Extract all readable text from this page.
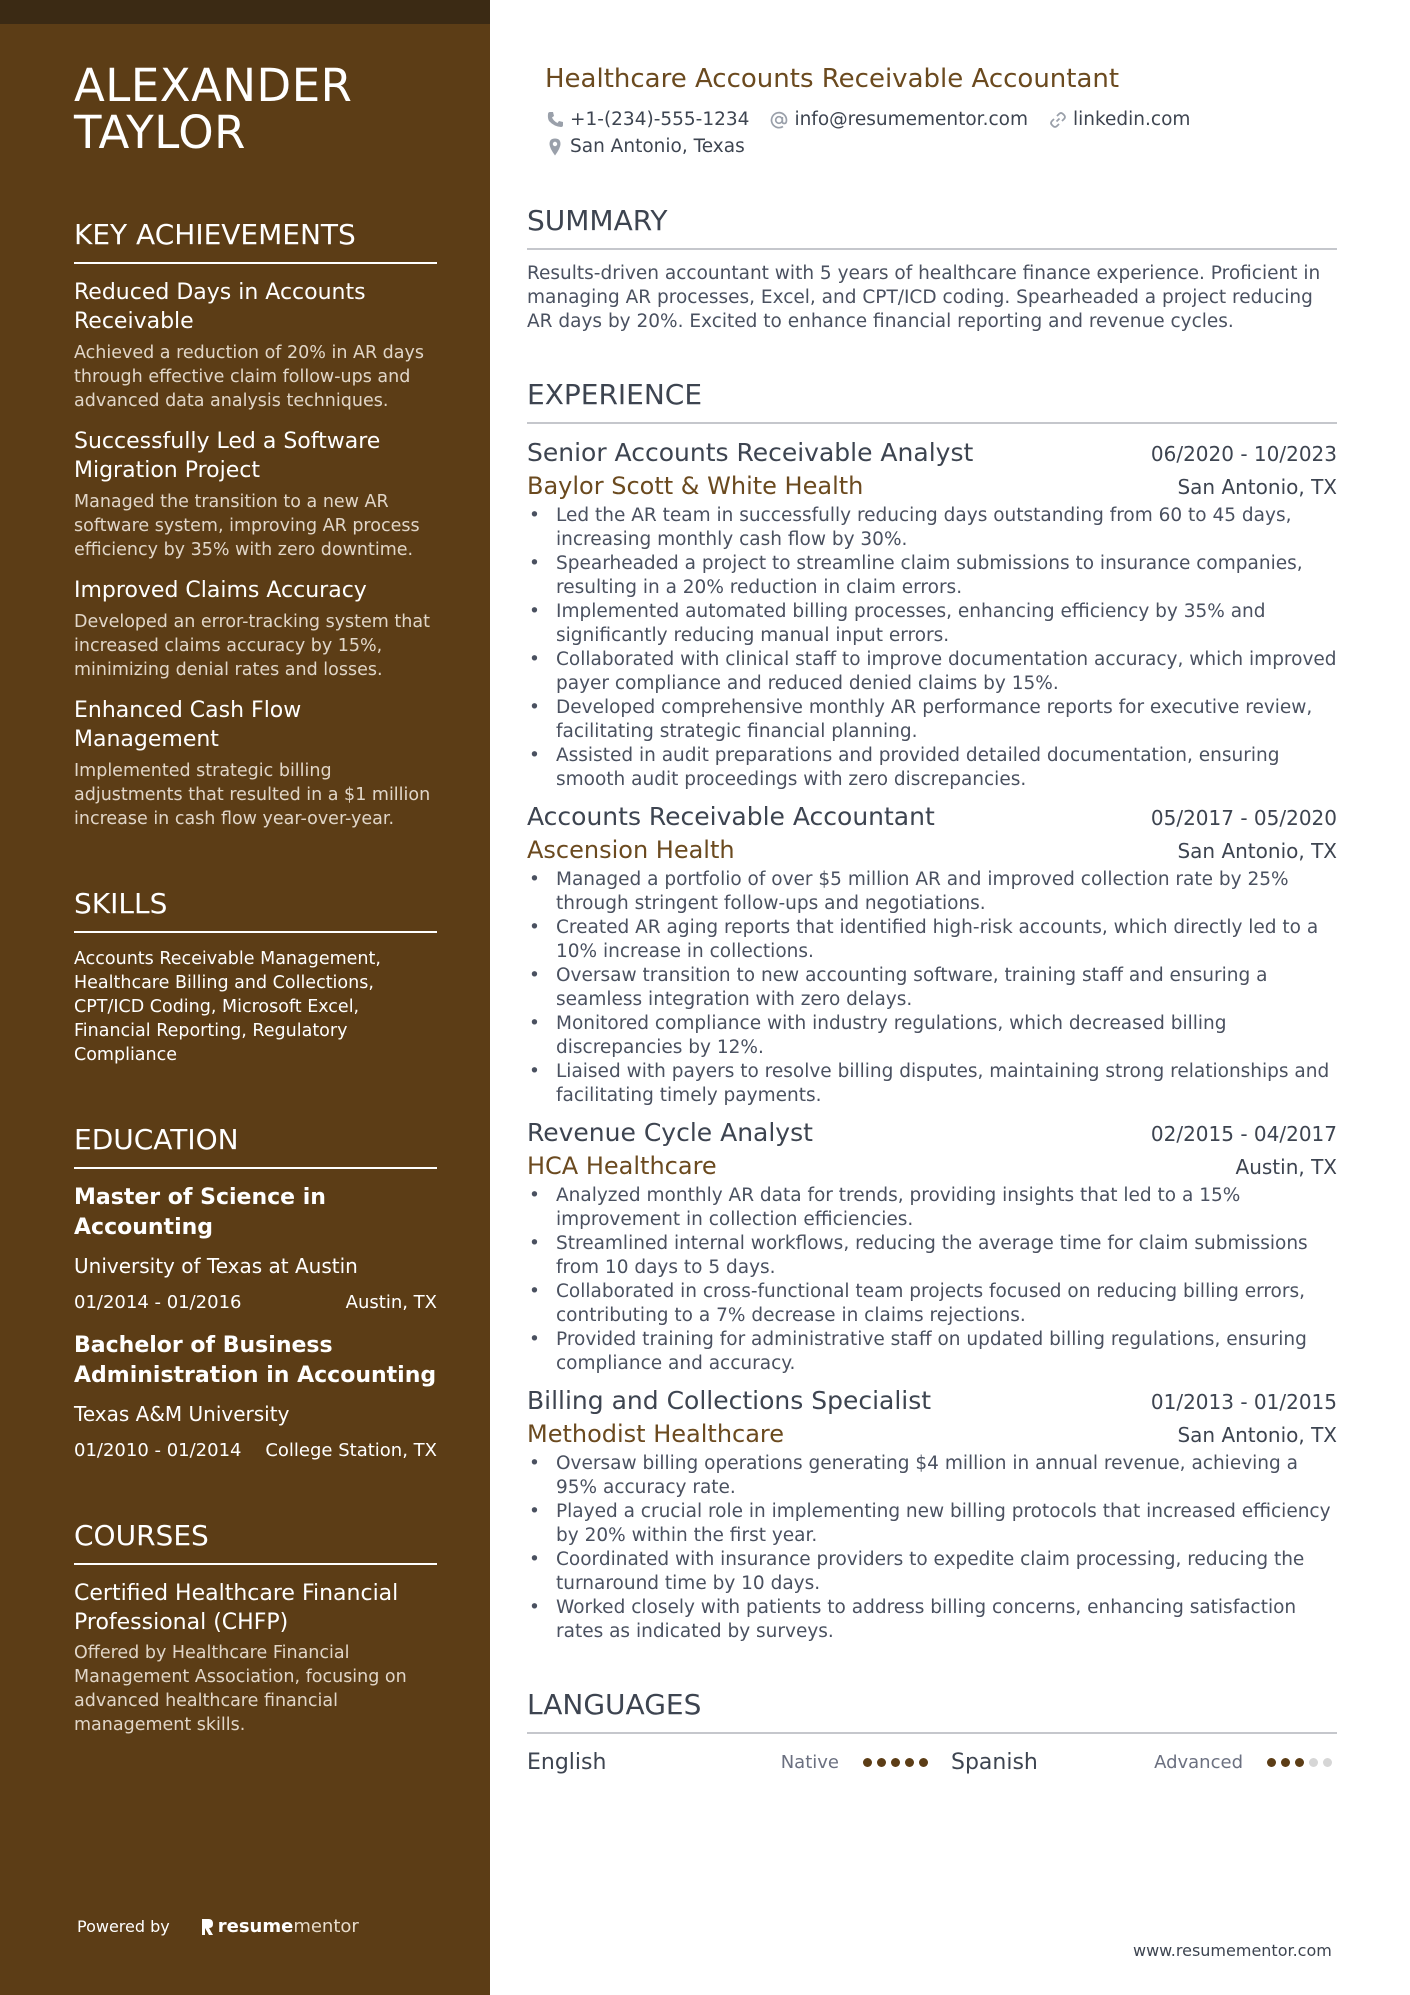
ALEXANDER
TAYLOR
KEY ACHIEVEMENTS
Reduced Days in Accounts Receivable
Achieved a reduction of 20% in AR days through effective claim follow-ups and advanced data analysis techniques.
Successfully Led a Software Migration Project
Managed the transition to a new AR software system, improving AR process efficiency by 35% with zero downtime.
Improved Claims Accuracy
Developed an error-tracking system that increased claims accuracy by 15%, minimizing denial rates and losses.
Enhanced Cash Flow Management
Implemented strategic billing adjustments that resulted in a $1 million increase in cash flow year-over-year.
SKILLS
Accounts Receivable Management, Healthcare Billing and Collections, CPT/ICD Coding, Microsoft Excel, Financial Reporting, Regulatory Compliance
EDUCATION
Master of Science in Accounting
University of Texas at Austin
01/2014 - 01/2016	Austin, TX
Bachelor of Business Administration in Accounting
Texas A&M University
01/2010 - 01/2014 College Station, TX
COURSES
Certified Healthcare Financial Professional (CHFP)
Offered by Healthcare Financial Management Association, focusing on advanced healthcare financial management skills.
Powered by	resume mentor
Healthcare Accounts Receivable Accountant
+1-(234)-555-1234 info@resumementor.com linkedin.com
San Antonio, Texas
SUMMARY
Results-driven accountant with 5 years of healthcare finance experience. Proficient in managing AR processes, Excel, and CPT/ICD coding. Spearheaded a project reducing AR days by 20%. Excited to enhance financial reporting and revenue cycles.
EXPERIENCE
Senior Accounts Receivable Analyst	06/2020 - 10/2023
Baylor Scott & White Health	San Antonio, TX
• Led the AR team in successfully reducing days outstanding from 60 to 45 days, increasing monthly cash flow by 30%.
• Spearheaded a project to streamline claim submissions to insurance companies, resulting in a 20% reduction in claim errors.
• Implemented automated billing processes, enhancing efficiency by 35% and significantly reducing manual input errors.
• Collaborated with clinical staff to improve documentation accuracy, which improved payer compliance and reduced denied claims by 15%.
• Developed comprehensive monthly AR performance reports for executive review, facilitating strategic financial planning.
• Assisted in audit preparations and provided detailed documentation, ensuring smooth audit proceedings with zero discrepancies.
Accounts Receivable Accountant	05/2017 - 05/2020
Ascension Health	San Antonio, TX
• Managed a portfolio of over $5 million AR and improved collection rate by 25% through stringent follow-ups and negotiations.
• Created AR aging reports that identified high-risk accounts, which directly led to a 10% increase in collections.
• Oversaw transition to new accounting software, training staff and ensuring a seamless integration with zero delays.
• Monitored compliance with industry regulations, which decreased billing discrepancies by 12%.
• Liaised with payers to resolve billing disputes, maintaining strong relationships and facilitating timely payments.
Revenue Cycle Analyst	02/2015 - 04/2017
HCA Healthcare	Austin, TX
• Analyzed monthly AR data for trends, providing insights that led to a 15% improvement in collection efficiencies.
• Streamlined internal workflows, reducing the average time for claim submissions from 10 days to 5 days.
• Collaborated in cross-functional team projects focused on reducing billing errors, contributing to a 7% decrease in claims rejections.
• Provided training for administrative staff on updated billing regulations, ensuring compliance and accuracy.
Billing and Collections Specialist	01/2013 - 01/2015
Methodist Healthcare	San Antonio, TX
• Oversaw billing operations generating $4 million in annual revenue, achieving a 95% accuracy rate.
• Played a crucial role in implementing new billing protocols that increased efficiency by 20% within the first year.
• Coordinated with insurance providers to expedite claim processing, reducing the turnaround time by 10 days.
• Worked closely with patients to address billing concerns, enhancing satisfaction rates as indicated by surveys.
LANGUAGES
English	Native	Spanish	Advanced
www.resumementor.com
